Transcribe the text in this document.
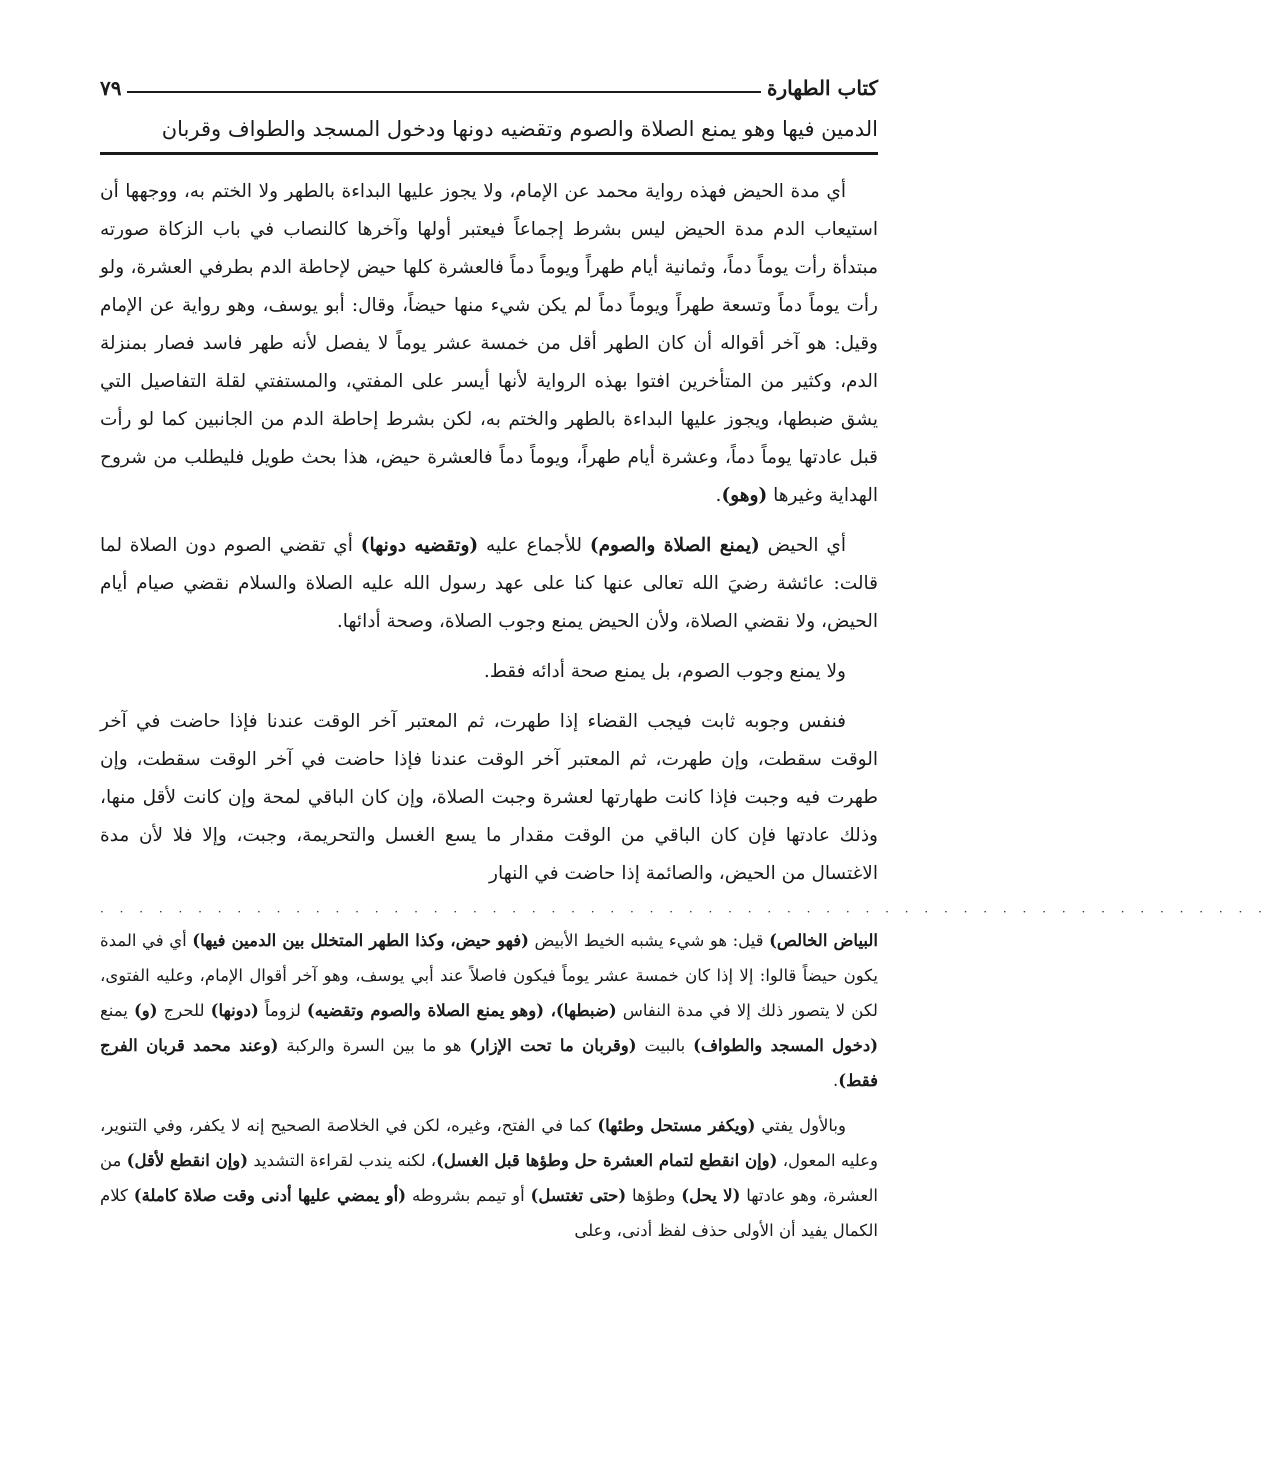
كتاب الطهارة
٧٩
الدمين فيها وهو يمنع الصلاة والصوم وتقضيه دونها ودخول المسجد والطواف وقربان

أي مدة الحيض فهذه رواية محمد عن الإمام، ولا يجوز عليها البداءة بالطهر ولا الختم به، ووجهها أن استيعاب الدم مدة الحيض ليس بشرط إجماعاً فيعتبر أولها وآخرها كالنصاب في باب الزكاة صورته مبتدأة رأت يوماً دماً، وثمانية أيام طهراً ويوماً دماً فالعشرة كلها حيض لإحاطة الدم بطرفي العشرة، ولو رأت يوماً دماً وتسعة طهراً ويوماً دماً لم يكن شيء منها حيضاً، وقال: أبو يوسف، وهو رواية عن الإمام وقيل: هو آخر أقواله أن كان الطهر أقل من خمسة عشر يوماً لا يفصل لأنه طهر فاسد فصار بمنزلة الدم، وكثير من المتأخرين افتوا بهذه الرواية لأنها أيسر على المفتي، والمستفتي لقلة التفاصيل التي يشق ضبطها، ويجوز عليها البداءة بالطهر والختم به، لكن بشرط إحاطة الدم من الجانبين كما لو رأت قبل عادتها يوماً دماً، وعشرة أيام طهراً، ويوماً دماً فالعشرة حيض، هذا بحث طويل فليطلب من شروح الهداية وغيرها (وهو).

أي الحيض (يمنع الصلاة والصوم) للأجماع عليه (وتقضيه دونها) أي تقضي الصوم دون الصلاة لما قالت: عائشة رضيَ الله تعالى عنها كنا على عهد رسول الله عليه الصلاة والسلام نقضي صيام أيام الحيض، ولا نقضي الصلاة، ولأن الحيض يمنع وجوب الصلاة، وصحة أدائها.

ولا يمنع وجوب الصوم، بل يمنع صحة أدائه فقط.

فنفس وجوبه ثابت فيجب القضاء إذا طهرت، ثم المعتبر آخر الوقت عندنا فإذا حاضت في آخر الوقت سقطت، وإن طهرت، ثم المعتبر آخر الوقت عندنا فإذا حاضت في آخر الوقت سقطت، وإن طهرت فيه وجبت فإذا كانت طهارتها لعشرة وجبت الصلاة، وإن كان الباقي لمحة وإن كانت لأقل منها، وذلك عادتها فإن كان الباقي من الوقت مقدار ما يسع الغسل والتحريمة، وجبت، وإلا فلا لأن مدة الاغتسال من الحيض، والصائمة إذا حاضت في النهار

· · · · · · · · · · · · · · · · · · · · · · · · · · · · · · · · · · · · · · · · · · · · · · · · · · · · · · · · · · · ·

البياض الخالص) قيل: هو شيء يشبه الخيط الأبيض (فهو حيض، وكذا الطهر المتخلل بين الدمين فيها) أي في المدة يكون حيضاً قالوا: إلا إذا كان خمسة عشر يوماً فيكون فاصلاً عند أبي يوسف، وهو آخر أقوال الإمام، وعليه الفتوى، لكن لا يتصور ذلك إلا في مدة النفاس (ضبطها)، (وهو يمنع الصلاة والصوم وتقضيه) لزوماً (دونها) للحرج (و) يمنع (دخول المسجد والطواف) بالبيت (وقربان ما تحت الإزار) هو ما بين السرة والركبة (وعند محمد قربان الفرج فقط).

وبالأول يفتي (ويكفر مستحل وطئها) كما في الفتح، وغيره، لكن في الخلاصة الصحيح إنه لا يكفر، وفي التنوير، وعليه المعول، (وإن انقطع لتمام العشرة حل وطؤها قبل الغسل)، لكنه يندب لقراءة التشديد (وإن انقطع لأقل) من العشرة، وهو عادتها (لا يحل) وطؤها (حتى تغتسل) أو تيمم بشروطه (أو يمضي عليها أدنى وقت صلاة كاملة) كلام الكمال يفيد أن الأولى حذف لفظ أدنى، وعلى
